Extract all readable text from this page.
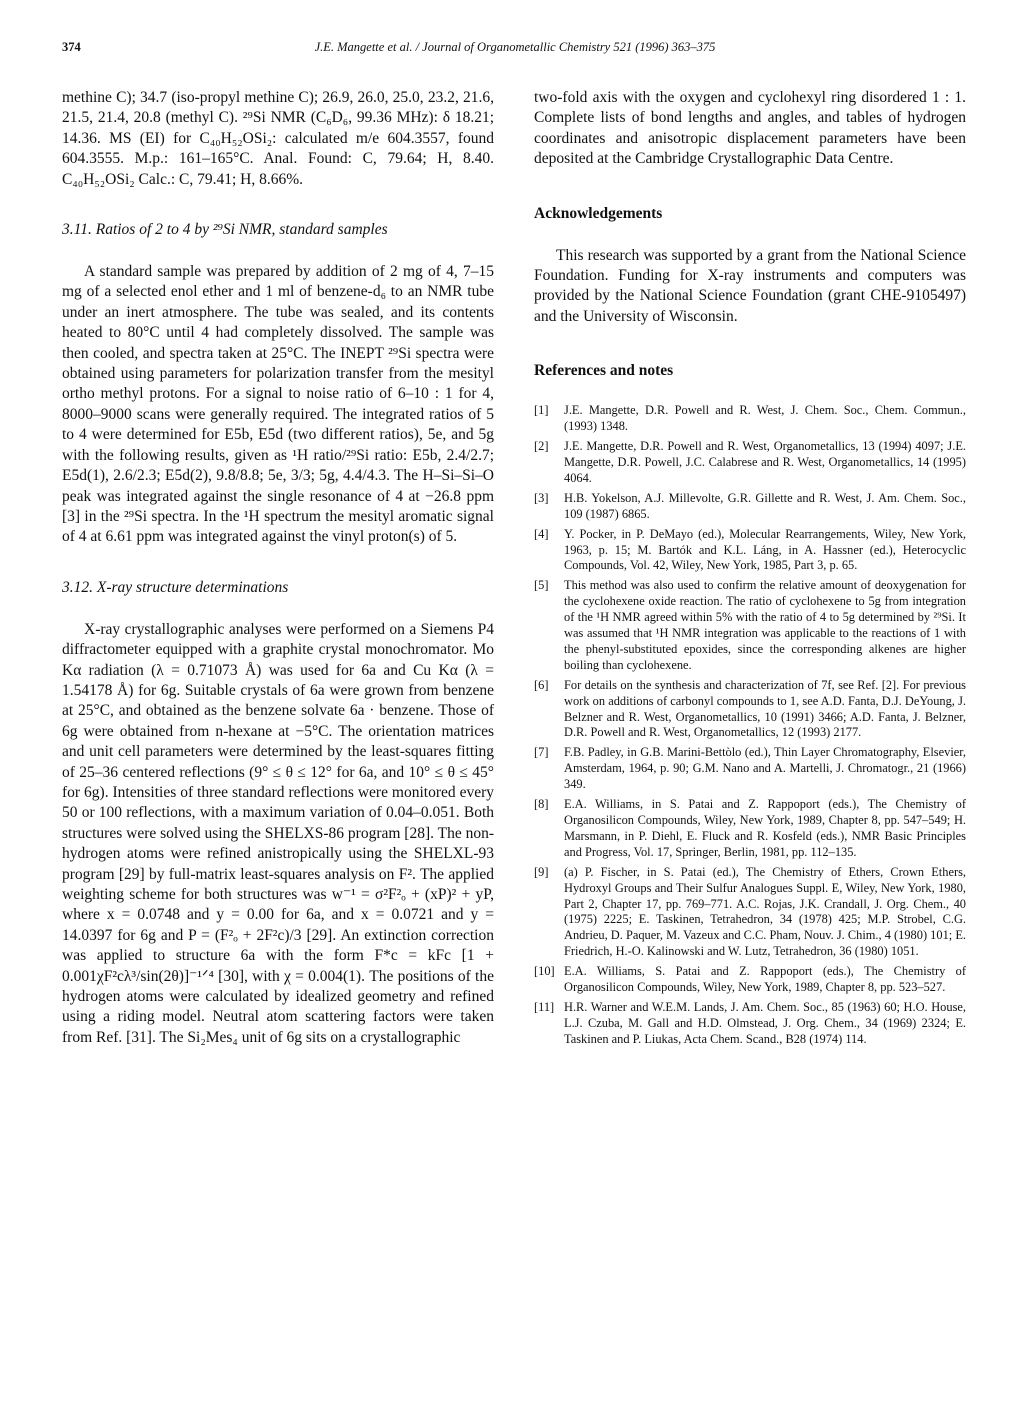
374	J.E. Mangette et al. / Journal of Organometallic Chemistry 521 (1996) 363–375

methine C); 34.7 (iso-propyl methine C); 26.9, 26.0, 25.0, 23.2, 21.6, 21.5, 21.4, 20.8 (methyl C). ²⁹Si NMR (C₆D₆, 99.36 MHz): δ 18.21; 14.36. MS (EI) for C₄₀H₅₂OSi₂: calculated m/e 604.3557, found 604.3555. M.p.: 161–165°C. Anal. Found: C, 79.64; H, 8.40. C₄₀H₅₂OSi₂ Calc.: C, 79.41; H, 8.66%.

3.11. Ratios of 2 to 4 by ²⁹Si NMR, standard samples

A standard sample was prepared by addition of 2 mg of 4, 7–15 mg of a selected enol ether and 1 ml of benzene-d₆ to an NMR tube under an inert atmosphere. The tube was sealed, and its contents heated to 80°C until 4 had completely dissolved. The sample was then cooled, and spectra taken at 25°C. The INEPT ²⁹Si spectra were obtained using parameters for polarization transfer from the mesityl ortho methyl protons. For a signal to noise ratio of 6–10 : 1 for 4, 8000–9000 scans were generally required. The integrated ratios of 5 to 4 were determined for E5b, E5d (two different ratios), 5e, and 5g with the following results, given as ¹H ratio/²⁹Si ratio: E5b, 2.4/2.7; E5d(1), 2.6/2.3; E5d(2), 9.8/8.8; 5e, 3/3; 5g, 4.4/4.3. The H–Si–Si–O peak was integrated against the single resonance of 4 at −26.8 ppm [3] in the ²⁹Si spectra. In the ¹H spectrum the mesityl aromatic signal of 4 at 6.61 ppm was integrated against the vinyl proton(s) of 5.

3.12. X-ray structure determinations

X-ray crystallographic analyses were performed on a Siemens P4 diffractometer equipped with a graphite crystal monochromator. Mo Kα radiation (λ = 0.71073 Å) was used for 6a and Cu Kα (λ = 1.54178 Å) for 6g. Suitable crystals of 6a were grown from benzene at 25°C, and obtained as the benzene solvate 6a · benzene. Those of 6g were obtained from n-hexane at −5°C. The orientation matrices and unit cell parameters were determined by the least-squares fitting of 25–36 centered reflections (9° ≤ θ ≤ 12° for 6a, and 10° ≤ θ ≤ 45° for 6g). Intensities of three standard reflections were monitored every 50 or 100 reflections, with a maximum variation of 0.04–0.051. Both structures were solved using the SHELXS-86 program [28]. The non-hydrogen atoms were refined anistropically using the SHELXL-93 program [29] by full-matrix least-squares analysis on F². The applied weighting scheme for both structures was w⁻¹ = σ²F²ₒ + (xP)² + yP, where x = 0.0748 and y = 0.00 for 6a, and x = 0.0721 and y = 14.0397 for 6g and P = (F²ₒ + 2F²c)/3 [29]. An extinction correction was applied to structure 6a with the form F*c = kFc [1 + 0.001χF²cλ³/sin(2θ)]⁻¹ᐟ⁴ [30], with χ = 0.004(1). The positions of the hydrogen atoms were calculated by idealized geometry and refined using a riding model. Neutral atom scattering factors were taken from Ref. [31]. The Si₂Mes₄ unit of 6g sits on a crystallographic

two-fold axis with the oxygen and cyclohexyl ring disordered 1 : 1. Complete lists of bond lengths and angles, and tables of hydrogen coordinates and anisotropic displacement parameters have been deposited at the Cambridge Crystallographic Data Centre.

Acknowledgements

This research was supported by a grant from the National Science Foundation. Funding for X-ray instruments and computers was provided by the National Science Foundation (grant CHE-9105497) and the University of Wisconsin.

References and notes
[1] J.E. Mangette, D.R. Powell and R. West, J. Chem. Soc., Chem. Commun., (1993) 1348.
[2] J.E. Mangette, D.R. Powell and R. West, Organometallics, 13 (1994) 4097; J.E. Mangette, D.R. Powell, J.C. Calabrese and R. West, Organometallics, 14 (1995) 4064.
[3] H.B. Yokelson, A.J. Millevolte, G.R. Gillette and R. West, J. Am. Chem. Soc., 109 (1987) 6865.
[4] Y. Pocker, in P. DeMayo (ed.), Molecular Rearrangements, Wiley, New York, 1963, p. 15; M. Bartók and K.L. Láng, in A. Hassner (ed.), Heterocyclic Compounds, Vol. 42, Wiley, New York, 1985, Part 3, p. 65.
[5] This method was also used to confirm the relative amount of deoxygenation for the cyclohexene oxide reaction. The ratio of cyclohexene to 5g from integration of the ¹H NMR agreed within 5% with the ratio of 4 to 5g determined by ²⁹Si. It was assumed that ¹H NMR integration was applicable to the reactions of 1 with the phenyl-substituted epoxides, since the corresponding alkenes are higher boiling than cyclohexene.
[6] For details on the synthesis and characterization of 7f, see Ref. [2]. For previous work on additions of carbonyl compounds to 1, see A.D. Fanta, D.J. DeYoung, J. Belzner and R. West, Organometallics, 10 (1991) 3466; A.D. Fanta, J. Belzner, D.R. Powell and R. West, Organometallics, 12 (1993) 2177.
[7] F.B. Padley, in G.B. Marini-Bettòlo (ed.), Thin Layer Chromatography, Elsevier, Amsterdam, 1964, p. 90; G.M. Nano and A. Martelli, J. Chromatogr., 21 (1966) 349.
[8] E.A. Williams, in S. Patai and Z. Rappoport (eds.), The Chemistry of Organosilicon Compounds, Wiley, New York, 1989, Chapter 8, pp. 547–549; H. Marsmann, in P. Diehl, E. Fluck and R. Kosfeld (eds.), NMR Basic Principles and Progress, Vol. 17, Springer, Berlin, 1981, pp. 112–135.
[9] (a) P. Fischer, in S. Patai (ed.), The Chemistry of Ethers, Crown Ethers, Hydroxyl Groups and Their Sulfur Analogues Suppl. E, Wiley, New York, 1980, Part 2, Chapter 17, pp. 769–771. A.C. Rojas, J.K. Crandall, J. Org. Chem., 40 (1975) 2225; E. Taskinen, Tetrahedron, 34 (1978) 425; M.P. Strobel, C.G. Andrieu, D. Paquer, M. Vazeux and C.C. Pham, Nouv. J. Chim., 4 (1980) 101; E. Friedrich, H.-O. Kalinowski and W. Lutz, Tetrahedron, 36 (1980) 1051.
[10] E.A. Williams, S. Patai and Z. Rappoport (eds.), The Chemistry of Organosilicon Compounds, Wiley, New York, 1989, Chapter 8, pp. 523–527.
[11] H.R. Warner and W.E.M. Lands, J. Am. Chem. Soc., 85 (1963) 60; H.O. House, L.J. Czuba, M. Gall and H.D. Olmstead, J. Org. Chem., 34 (1969) 2324; E. Taskinen and P. Liukas, Acta Chem. Scand., B28 (1974) 114.
